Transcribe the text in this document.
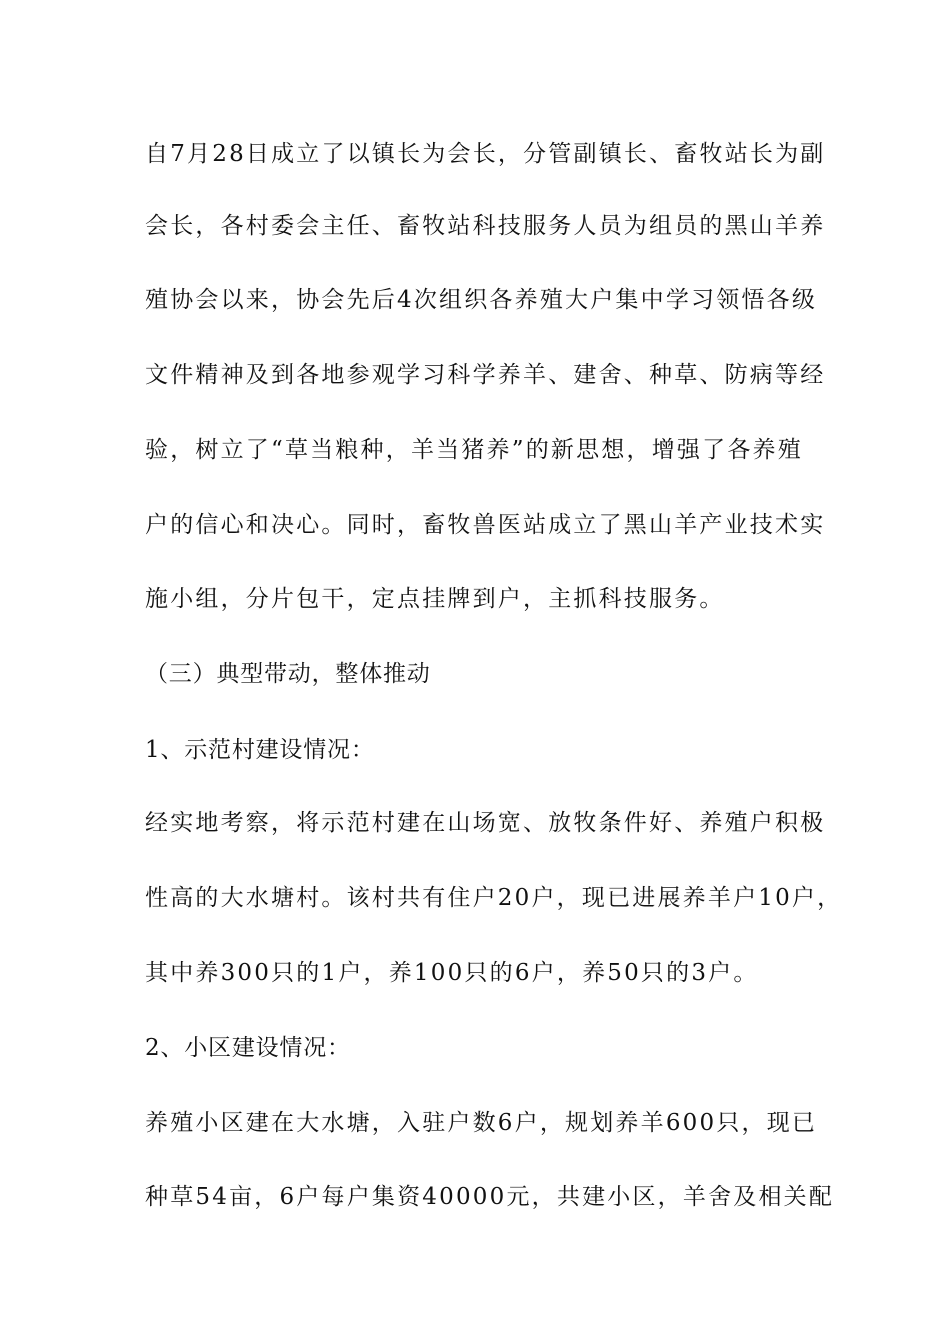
自7月28日成立了以镇长为会长，分管副镇长、畜牧站长为副
会长，各村委会主任、畜牧站科技服务人员为组员的黑山羊养
殖协会以来，协会先后4次组织各养殖大户集中学习领悟各级
文件精神及到各地参观学习科学养羊、建舍、种草、防病等经
验，树立了“草当粮种，羊当猪养”的新思想，增强了各养殖
户的信心和决心。同时，畜牧兽医站成立了黑山羊产业技术实
施小组，分片包干，定点挂牌到户，主抓科技服务。
（三）典型带动，整体推动
1、示范村建设情况：
经实地考察，将示范村建在山场宽、放牧条件好、养殖户积极
性高的大水塘村。该村共有住户20户，现已进展养羊户10户，
其中养300只的1户，养100只的6户，养50只的3户。
2、小区建设情况：
养殖小区建在大水塘，入驻户数6户，规划养羊600只，现已
种草54亩，6户每户集资40000元，共建小区，羊舍及相关配
